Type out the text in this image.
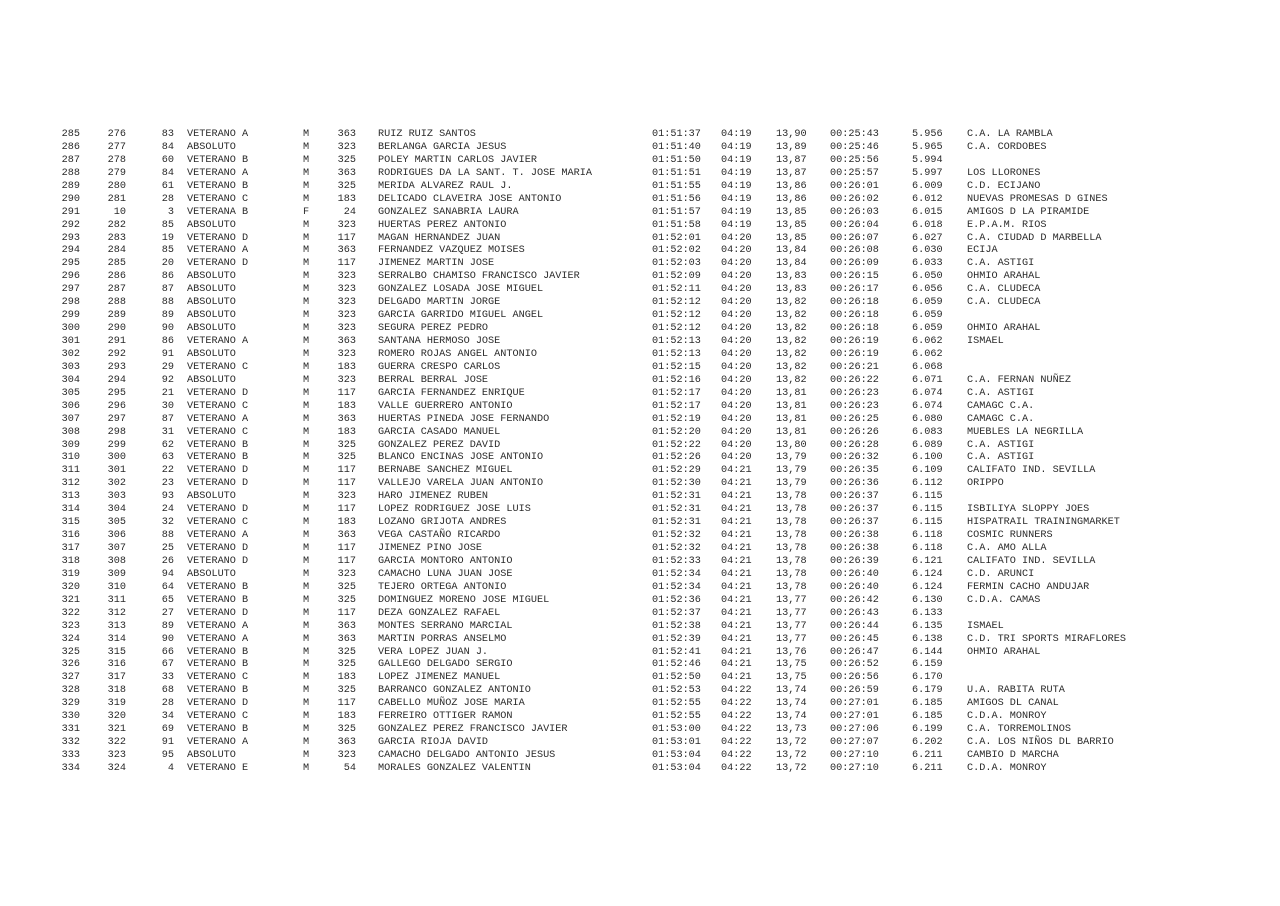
285	276	83 VETERANO A	M	363 RUIZ RUIZ SANTOS	01:51:37 04:19 13,90 00:25:43	5.956 C.A. LA RAMBLA
286	277	84 ABSOLUTO	M	323 BERLANGA GARCIA JESUS	01:51:40 04:19 13,89 00:25:46	5.965 C.A. CORDOBES
287	278	60 VETERANO B	M	325 POLEY MARTIN CARLOS JAVIER	01:51:50 04:19 13,87 00:25:56	5.994
288	279	84 VETERANO A	M	363 RODRIGUES DA LA SANT. T. JOSE MARIA	01:51:51 04:19 13,87 00:25:57	5.997 LOS LLORONES
289	280	61 VETERANO B	M	325 MERIDA ALVAREZ RAUL J.	01:51:55 04:19 13,86 00:26:01	6.009 C.D. ECIJANO
290	281	28 VETERANO C	M	183 DELICADO CLAVEIRA JOSE ANTONIO	01:51:56 04:19 13,86 00:26:02	6.012 NUEVAS PROMESAS D GINES
291	10	3 VETERANA B	F	24 GONZALEZ SANABRIA LAURA	01:51:57 04:19 13,85 00:26:03	6.015 AMIGOS D LA PIRAMIDE
292	282	85 ABSOLUTO	M	323 HUERTAS PEREZ ANTONIO	01:51:58 04:19 13,85 00:26:04	6.018 E.P.A.M. RIOS
293	283	19 VETERANO D	M	117 MAGAN HERNANDEZ JUAN	01:52:01 04:20 13,85 00:26:07	6.027 C.A. CIUDAD D MARBELLA
294	284	85 VETERANO A	M	363 FERNANDEZ VAZQUEZ MOISES	01:52:02 04:20 13,84 00:26:08	6.030 ECIJA
295	285	20 VETERANO D	M	117 JIMENEZ MARTIN JOSE	01:52:03 04:20 13,84 00:26:09	6.033 C.A. ASTIGI
296	286	86 ABSOLUTO	M	323 SERRALBO CHAMISO FRANCISCO JAVIER	01:52:09 04:20 13,83 00:26:15	6.050 OHMIO ARAHAL
297	287	87 ABSOLUTO	M	323 GONZALEZ LOSADA JOSE MIGUEL	01:52:11 04:20 13,83 00:26:17	6.056 C.A. CLUDECA
298	288	88 ABSOLUTO	M	323 DELGADO MARTIN JORGE	01:52:12 04:20 13,82 00:26:18	6.059 C.A. CLUDECA
299	289	89 ABSOLUTO	M	323 GARCIA GARRIDO MIGUEL ANGEL	01:52:12 04:20 13,82 00:26:18	6.059
300	290	90 ABSOLUTO	M	323 SEGURA PEREZ PEDRO	01:52:12 04:20 13,82 00:26:18	6.059 OHMIO ARAHAL
301	291	86 VETERANO A	M	363 SANTANA HERMOSO JOSE	01:52:13 04:20 13,82 00:26:19	6.062 ISMAEL
302	292	91 ABSOLUTO	M	323 ROMERO ROJAS ANGEL ANTONIO	01:52:13 04:20 13,82 00:26:19	6.062
303	293	29 VETERANO C	M	183 GUERRA CRESPO CARLOS	01:52:15 04:20 13,82 00:26:21	6.068
304	294	92 ABSOLUTO	M	323 BERRAL BERRAL JOSE	01:52:16 04:20 13,82 00:26:22	6.071 C.A. FERNAN NUÑEZ
305	295	21 VETERANO D	M	117 GARCIA FERNANDEZ ENRIQUE	01:52:17 04:20 13,81 00:26:23	6.074 C.A. ASTIGI
306	296	30 VETERANO C	M	183 VALLE GUERRERO ANTONIO	01:52:17 04:20 13,81 00:26:23	6.074 CAMAGC C.A.
307	297	87 VETERANO A	M	363 HUERTAS PINEDA JOSE FERNANDO	01:52:19 04:20 13,81 00:26:25	6.080 CAMAGC C.A.
308	298	31 VETERANO C	M	183 GARCIA CASADO MANUEL	01:52:20 04:20 13,81 00:26:26	6.083 MUEBLES LA NEGRILLA
309	299	62 VETERANO B	M	325 GONZALEZ PEREZ DAVID	01:52:22 04:20 13,80 00:26:28	6.089 C.A. ASTIGI
310	300	63 VETERANO B	M	325 BLANCO ENCINAS JOSE ANTONIO	01:52:26 04:20 13,79 00:26:32	6.100 C.A. ASTIGI
311	301	22 VETERANO D	M	117 BERNABE SANCHEZ MIGUEL	01:52:29 04:21 13,79 00:26:35	6.109 CALIFATO IND. SEVILLA
312	302	23 VETERANO D	M	117 VALLEJO VARELA JUAN ANTONIO	01:52:30 04:21 13,79 00:26:36	6.112 ORIPPO
313	303	93 ABSOLUTO	M	323 HARO JIMENEZ RUBEN	01:52:31 04:21 13,78 00:26:37	6.115
314	304	24 VETERANO D	M	117 LOPEZ RODRIGUEZ JOSE LUIS	01:52:31 04:21 13,78 00:26:37	6.115 ISBILIYA SLOPPY JOES
315	305	32 VETERANO C	M	183 LOZANO GRIJOTA ANDRES	01:52:31 04:21 13,78 00:26:37	6.115 HISPATRAIL TRAININGMARKET
316	306	88 VETERANO A	M	363 VEGA CASTAÑO RICARDO	01:52:32 04:21 13,78 00:26:38	6.118 COSMIC RUNNERS
317	307	25 VETERANO D	M	117 JIMENEZ PINO JOSE	01:52:32 04:21 13,78 00:26:38	6.118 C.A. AMO ALLA
318	308	26 VETERANO D	M	117 GARCIA MONTORO ANTONIO	01:52:33 04:21 13,78 00:26:39	6.121 CALIFATO IND. SEVILLA
319	309	94 ABSOLUTO	M	323 CAMACHO LUNA JUAN JOSE	01:52:34 04:21 13,78 00:26:40	6.124 C.D. ARUNCI
320	310	64 VETERANO B	M	325 TEJERO ORTEGA ANTONIO	01:52:34 04:21 13,78 00:26:40	6.124 FERMIN CACHO ANDUJAR
321	311	65 VETERANO B	M	325 DOMINGUEZ MORENO JOSE MIGUEL	01:52:36 04:21 13,77 00:26:42	6.130 C.D.A. CAMAS
322	312	27 VETERANO D	M	117 DEZA GONZALEZ RAFAEL	01:52:37 04:21 13,77 00:26:43	6.133
323	313	89 VETERANO A	M	363 MONTES SERRANO MARCIAL	01:52:38 04:21 13,77 00:26:44	6.135 ISMAEL
324	314	90 VETERANO A	M	363 MARTIN PORRAS ANSELMO	01:52:39 04:21 13,77 00:26:45	6.138 C.D. TRI SPORTS MIRAFLORES
325	315	66 VETERANO B	M	325 VERA LOPEZ JUAN J.	01:52:41 04:21 13,76 00:26:47	6.144 OHMIO ARAHAL
326	316	67 VETERANO B	M	325 GALLEGO DELGADO SERGIO	01:52:46 04:21 13,75 00:26:52	6.159
327	317	33 VETERANO C	M	183 LOPEZ JIMENEZ MANUEL	01:52:50 04:21 13,75 00:26:56	6.170
328	318	68 VETERANO B	M	325 BARRANCO GONZALEZ ANTONIO	01:52:53 04:22 13,74 00:26:59	6.179 U.A. RABITA RUTA
329	319	28 VETERANO D	M	117 CABELLO MUÑOZ JOSE MARIA	01:52:55 04:22 13,74 00:27:01	6.185 AMIGOS DL CANAL
330	320	34 VETERANO C	M	183 FERREIRO OTTIGER RAMON	01:52:55 04:22 13,74 00:27:01	6.185 C.D.A. MONROY
331	321	69 VETERANO B	M	325 GONZALEZ PEREZ FRANCISCO JAVIER	01:53:00 04:22 13,73 00:27:06	6.199 C.A. TORREMOLINOS
332	322	91 VETERANO A	M	363 GARCIA RIOJA DAVID	01:53:01 04:22 13,72 00:27:07	6.202 C.A. LOS NIÑOS DL BARRIO
333	323	95 ABSOLUTO	M	323 CAMACHO DELGADO ANTONIO JESUS	01:53:04 04:22 13,72 00:27:10	6.211 CAMBIO D MARCHA
334	324	4 VETERANO E	M	54 MORALES GONZALEZ VALENTIN	01:53:04 04:22 13,72 00:27:10	6.211 C.D.A. MONROY
